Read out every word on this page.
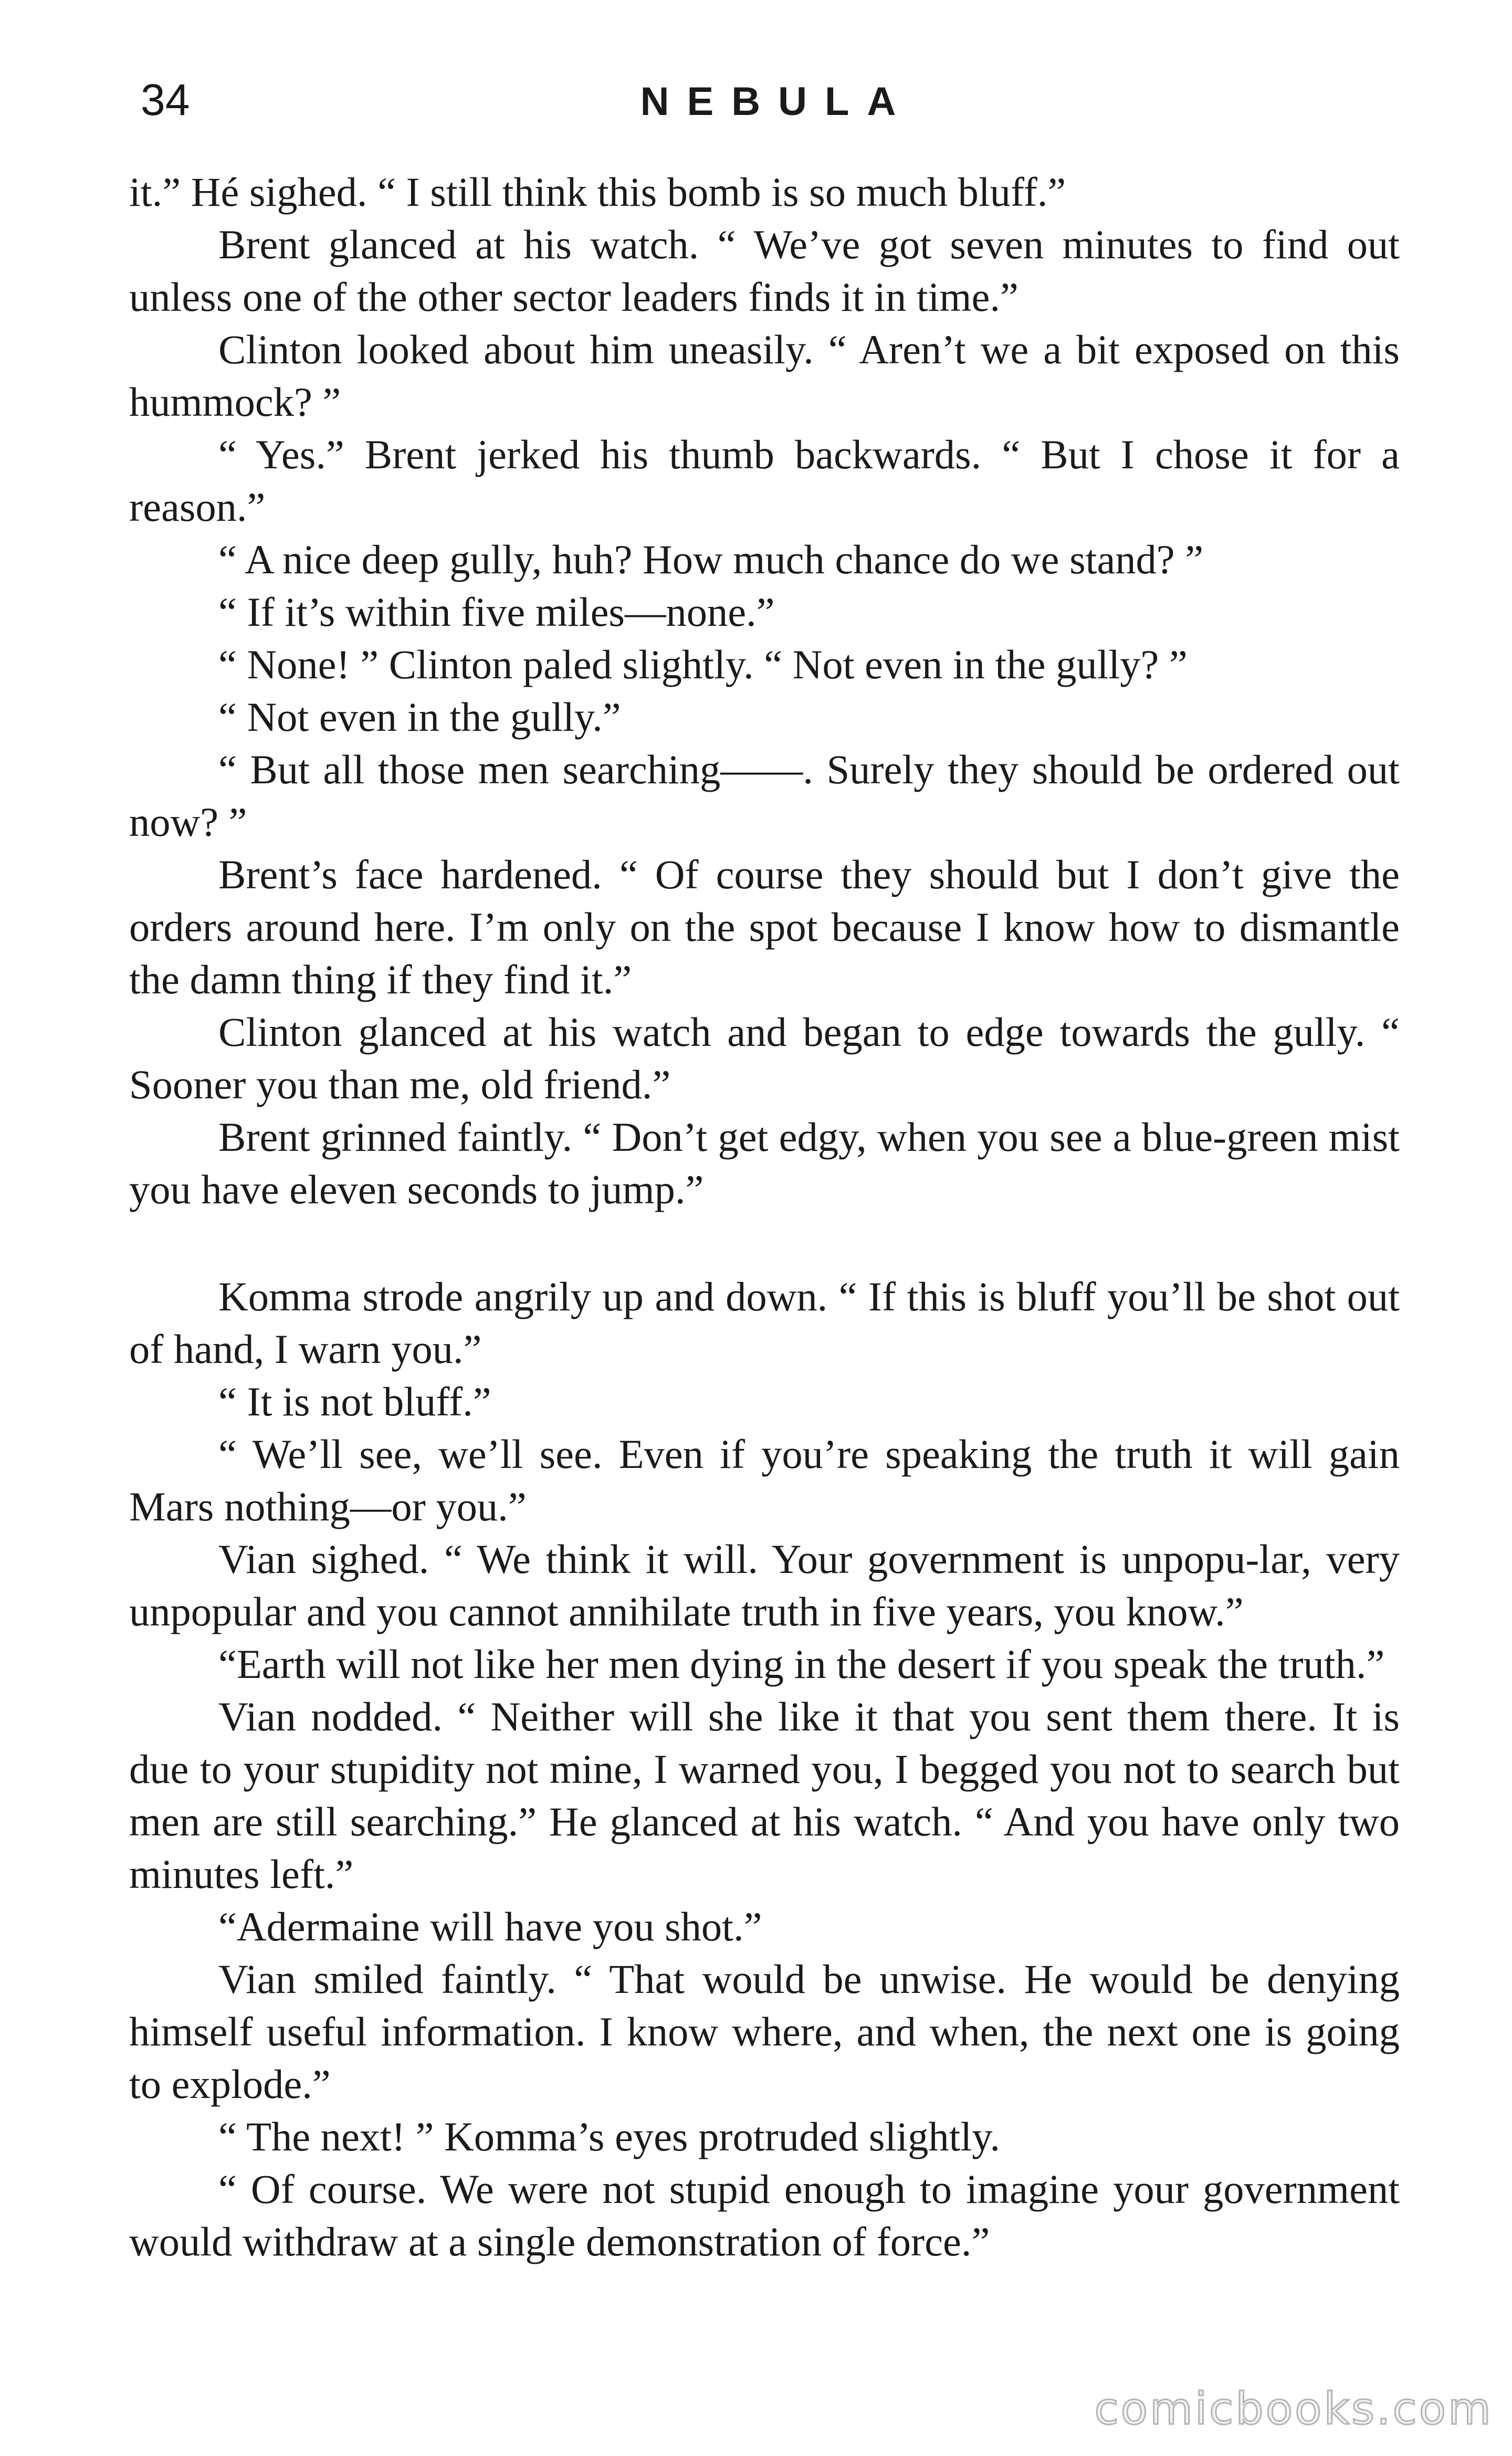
34	NEBULA

it.” Hé sighed. “ I still think this bomb is so much bluff.”

Brent glanced at his watch. “ We’ve got seven minutes to find out unless one of the other sector leaders finds it in time.”

Clinton looked about him uneasily. “ Aren’t we a bit exposed on this hummock? ”

“ Yes.” Brent jerked his thumb backwards. “ But I chose it for a reason.”

“ A nice deep gully, huh? How much chance do we stand? ”

“ If it’s within five miles—none.”

“ None! ” Clinton paled slightly. “ Not even in the gully? ”

“ Not even in the gully.”

“ But all those men searching——. Surely they should be ordered out now? ”

Brent’s face hardened. “ Of course they should but I don’t give the orders around here. I’m only on the spot because I know how to dismantle the damn thing if they find it.”

Clinton glanced at his watch and began to edge towards the gully. “ Sooner you than me, old friend.”

Brent grinned faintly. “ Don’t get edgy, when you see a blue-green mist you have eleven seconds to jump.”

Komma strode angrily up and down. “ If this is bluff you’ll be shot out of hand, I warn you.”

“ It is not bluff.”

“ We’ll see, we’ll see. Even if you’re speaking the truth it will gain Mars nothing—or you.”

Vian sighed. “ We think it will. Your government is unpopu-lar, very unpopular and you cannot annihilate truth in five years, you know.”

“Earth will not like her men dying in the desert if you speak the truth.”

Vian nodded. “ Neither will she like it that you sent them there. It is due to your stupidity not mine, I warned you, I begged you not to search but men are still searching.” He glanced at his watch. “ And you have only two minutes left.”

“Adermaine will have you shot.”

Vian smiled faintly. “ That would be unwise. He would be denying himself useful information. I know where, and when, the next one is going to explode.”

“ The next! ” Komma’s eyes protruded slightly.

“ Of course. We were not stupid enough to imagine your government would withdraw at a single demonstration of force.”

comicbooks.com
